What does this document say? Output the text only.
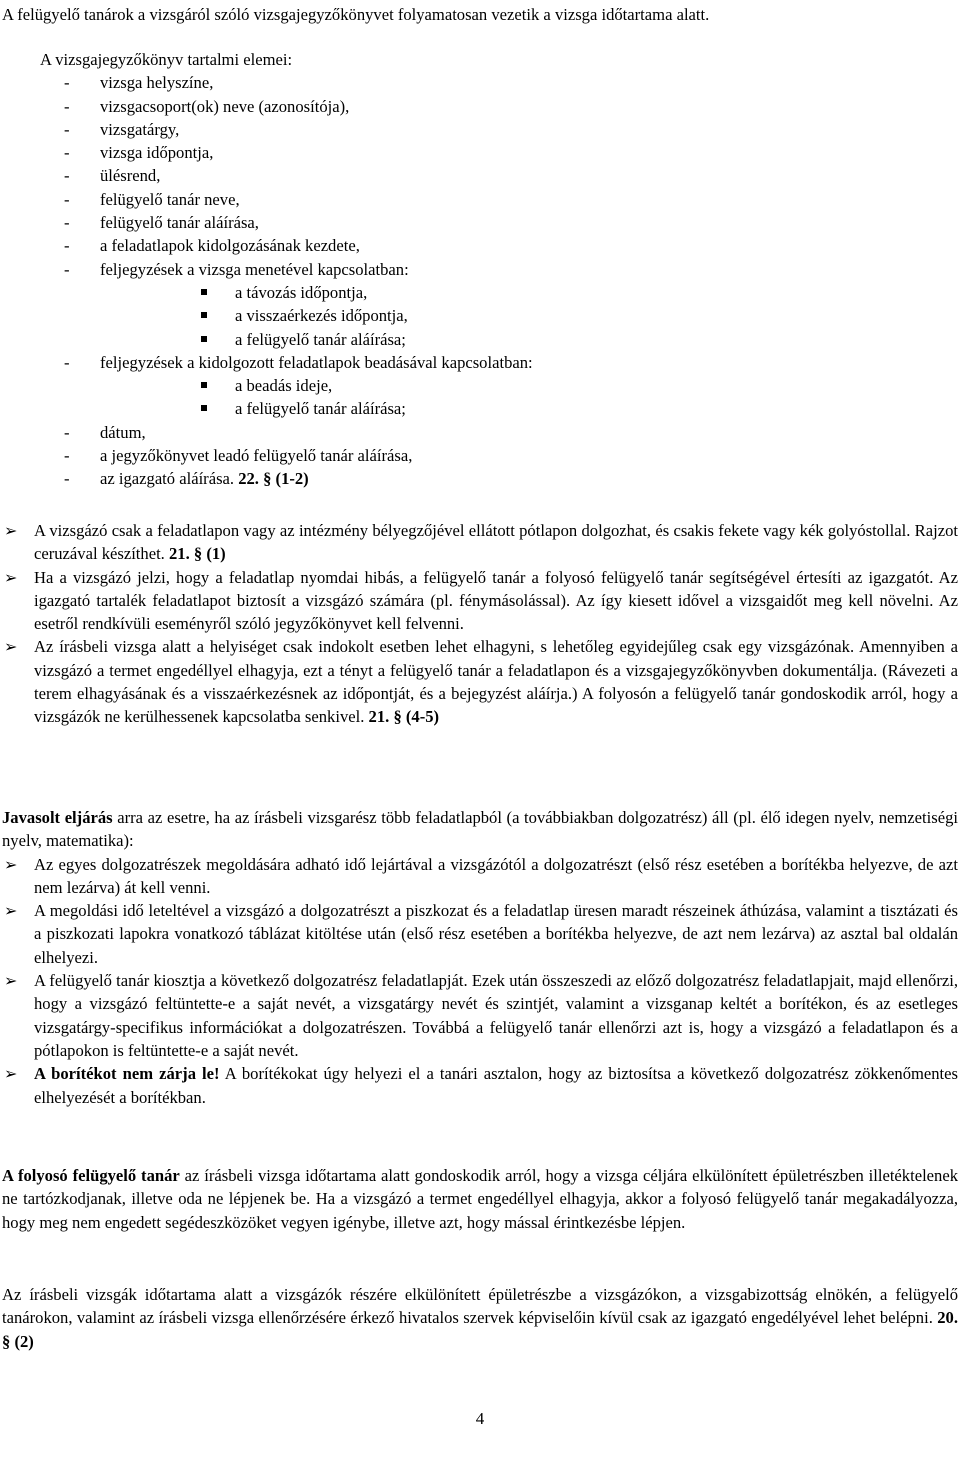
A felügyelő tanárok a vizsgáról szóló vizsgajegyzőkönyvet folyamatosan vezetik a vizsga időtartama alatt.
A vizsgajegyzőkönyv tartalmi elemei:
- vizsga helyszíne,
- vizsgacsoport(ok) neve (azonosítója),
- vizsgatárgy,
- vizsga időpontja,
- ülésrend,
- felügyelő tanár neve,
- felügyelő tanár aláírása,
- a feladatlapok kidolgozásának kezdete,
- feljegyzések a vizsga menetével kapcsolatban:
a távozás időpontja,
a visszaérkezés időpontja,
a felügyelő tanár aláírása;
- feljegyzések a kidolgozott feladatlapok beadásával kapcsolatban:
a beadás ideje,
a felügyelő tanár aláírása;
- dátum,
- a jegyzőkönyvet leadó felügyelő tanár aláírása,
- az igazgató aláírása. 22. § (1-2)
➢ A vizsgázó csak a feladatlapon vagy az intézmény bélyegzőjével ellátott pótlapon dolgozhat, és csakis fekete vagy kék golyóstollal. Rajzot ceruzával készíthet. 21. § (1)
➢ Ha a vizsgázó jelzi, hogy a feladatlap nyomdai hibás, a felügyelő tanár a folyosó felügyelő tanár segítségével értesíti az igazgatót. Az igazgató tartalék feladatlapot biztosít a vizsgázó számára (pl. fénymásolással). Az így kiesett idővel a vizsgaidőt meg kell növelni. Az esetről rendkívüli eseményről szóló jegyzőkönyvet kell felvenni.
➢ Az írásbeli vizsga alatt a helyiséget csak indokolt esetben lehet elhagyni, s lehetőleg egyidejűleg csak egy vizsgázónak. Amennyiben a vizsgázó a termet engedéllyel elhagyja, ezt a tényt a felügyelő tanár a feladatlapon és a vizsgajegyzőkönyvben dokumentálja. (Rávezeti a terem elhagyásának és a visszaérkezésnek az időpontját, és a bejegyzést aláírja.) A folyosón a felügyelő tanár gondoskodik arról, hogy a vizsgázók ne kerülhessenek kapcsolatba senkivel. 21. § (4-5)
Javasolt eljárás arra az esetre, ha az írásbeli vizsgarész több feladatlapból (a továbbiakban dolgozatrész) áll (pl. élő idegen nyelv, nemzetiségi nyelv, matematika):
➢ Az egyes dolgozatrészek megoldására adható idő lejártával a vizsgázótól a dolgozatrészt (első rész esetében a borítékba helyezve, de azt nem lezárva) át kell venni.
➢ A megoldási idő leteltével a vizsgázó a dolgozatrészt a piszkozat és a feladatlap üresen maradt részeinek áthúzása, valamint a tisztázati és a piszkozati lapokra vonatkozó táblázat kitöltése után (első rész esetében a borítékba helyezve, de azt nem lezárva) az asztal bal oldalán elhelyezi.
➢ A felügyelő tanár kiosztja a következő dolgozatrész feladatlapját. Ezek után összeszedi az előző dolgozatrész feladatlapjait, majd ellenőrzi, hogy a vizsgázó feltüntette-e a saját nevét, a vizsgatárgy nevét és szintjét, valamint a vizsganap keltét a borítékon, és az esetleges vizsgatárgy-specifikus információkat a dolgozatrészen. Továbbá a felügyelő tanár ellenőrzi azt is, hogy a vizsgázó a feladatlapon és a pótlapokon is feltüntette-e a saját nevét.
➢ A borítékot nem zárja le! A borítékokat úgy helyezi el a tanári asztalon, hogy az biztosítsa a következő dolgozatrész zökkenőmentes elhelyezését a borítékban.
A folyosó felügyelő tanár az írásbeli vizsga időtartama alatt gondoskodik arról, hogy a vizsga céljára elkülönített épületrészben illetéktelenek ne tartózkodjanak, illetve oda ne lépjenek be. Ha a vizsgázó a termet engedéllyel elhagyja, akkor a folyosó felügyelő tanár megakadályozza, hogy meg nem engedett segédeszközöket vegyen igénybe, illetve azt, hogy mással érintkezésbe lépjen.
Az írásbeli vizsgák időtartama alatt a vizsgázók részére elkülönített épületrészbe a vizsgázókon, a vizsgabizottság elnökén, a felügyelő tanárokon, valamint az írásbeli vizsga ellenőrzésére érkező hivatalos szervek képviselőin kívül csak az igazgató engedélyével lehet belépni. 20. § (2)
4
